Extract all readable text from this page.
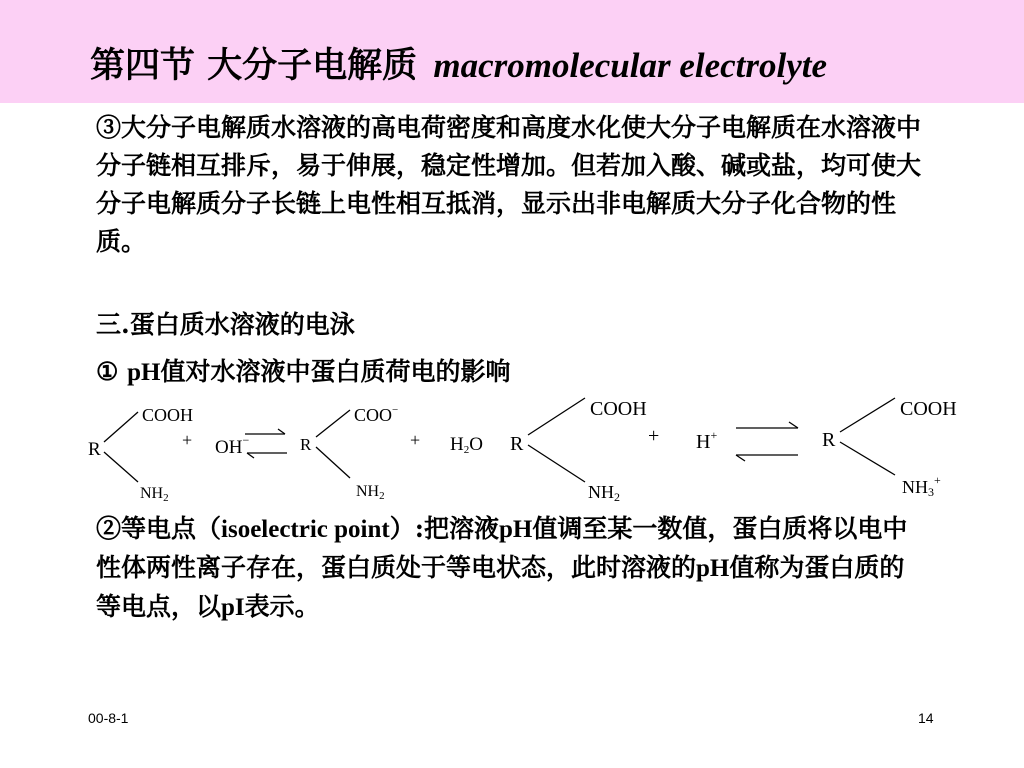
第四节 大分子电解质 macromolecular electrolyte
③大分子电解质水溶液的高电荷密度和高度水化使大分子电解质在水溶液中分子链相互排斥，易于伸展，稳定性增加。但若加入酸、碱或盐，均可使大分子电解质分子长链上电性相互抵消，显示出非电解质大分子化合物的性质。
三.蛋白质水溶液的电泳
① pH值对水溶液中蛋白质荷电的影响
R
COOH
NH2
+ OH−	R
COO−
NH2
+ H2O R
COOH
NH2
+ H+	R
COOH
NH3+
②等电点（isoelectric point）:把溶液pH值调至某一数值，蛋白质将以电中性体两性离子存在，蛋白质处于等电状态，此时溶液的pH值称为蛋白质的等电点，以pI表示。
00-8-1	14
